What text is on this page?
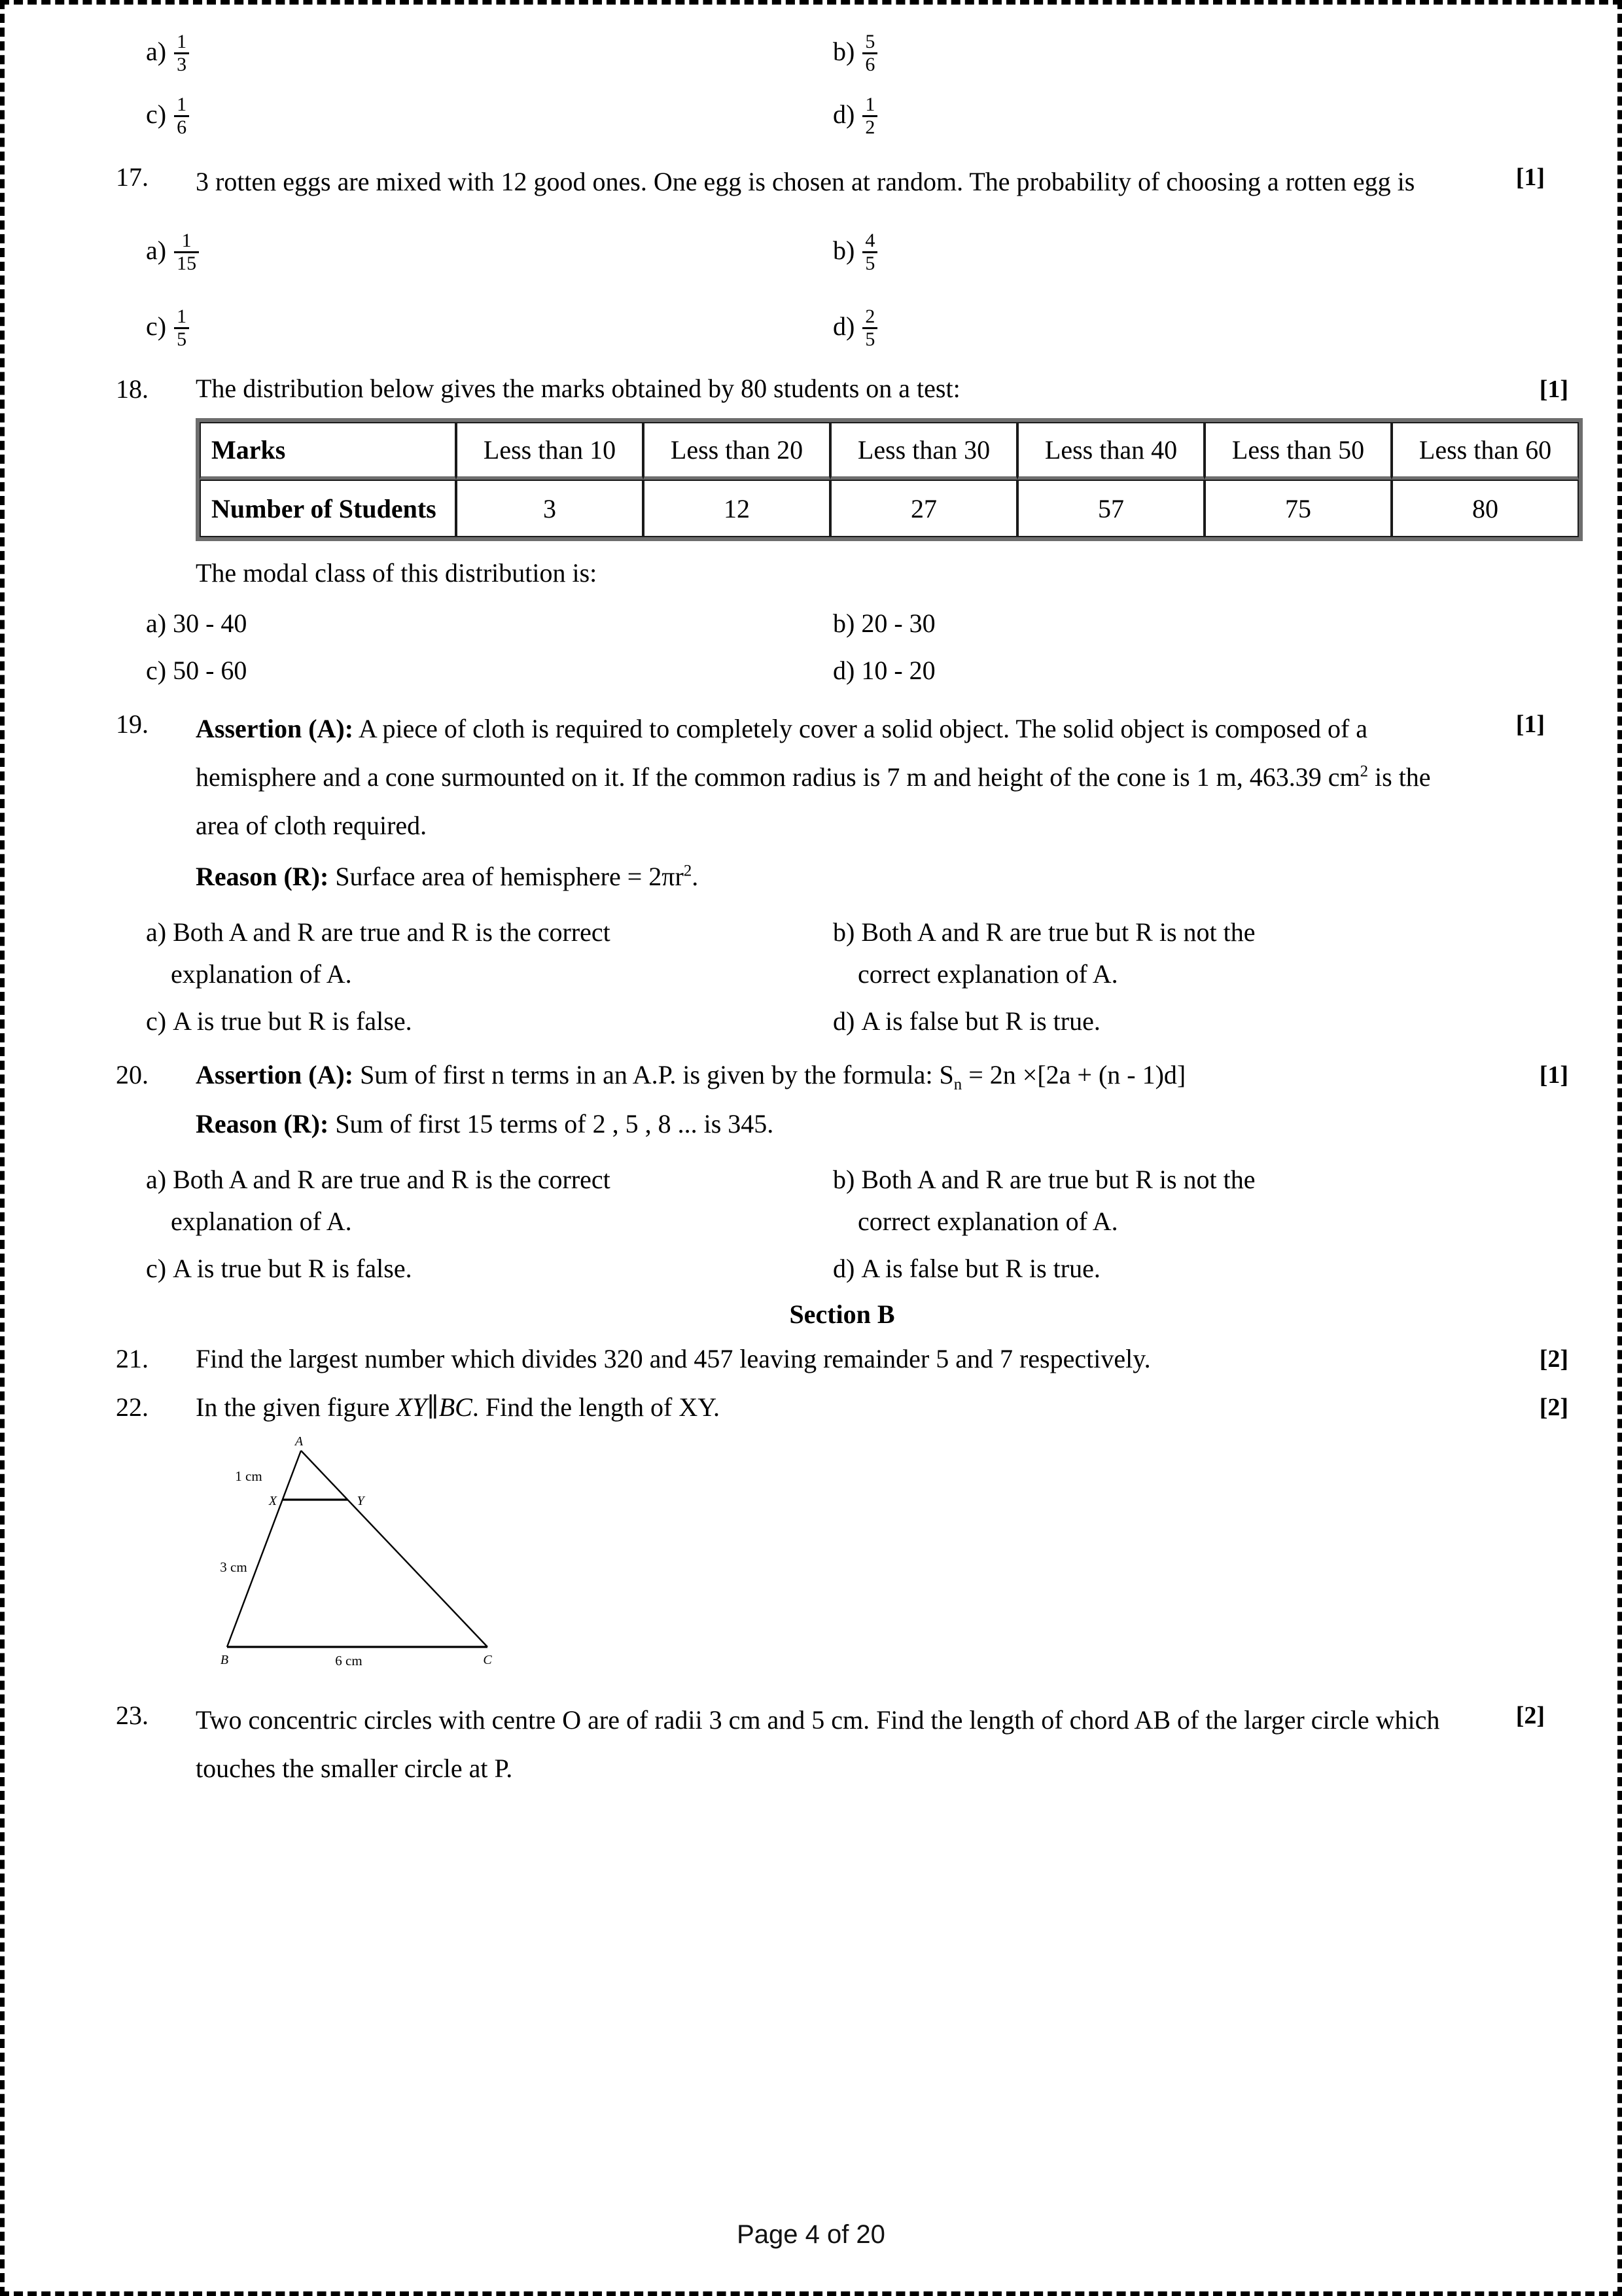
$a) \frac{1}{3}$	$b) \frac{5}{6}$
$c) \frac{1}{6}$	$d) \frac{1}{2}$
17.	3 rotten eggs are mixed with 12 good ones. One egg is chosen at random. The probability of choosing a rotten egg is	[1]
$a) \frac{1}{15}$	$b) \frac{4}{5}$
$c) \frac{1}{5}$	$d) \frac{2}{5}$
18.	The distribution below gives the marks obtained by 80 students on a test:	[1]
Marks	Less than 10	Less than 20	Less than 30	Less than 40	Less than 50	Less than 60
Number of Students	3	12	27	57	75	80
The modal class of this distribution is:
a) 30 - 40	b) 20 - 30
c) 50 - 60	d) 10 - 20
19.	Assertion (A): A piece of cloth is required to completely cover a solid object. The solid object is composed of a hemisphere and a cone surmounted on it. If the common radius is 7 m and height of the cone is 1 m, 463.39 $cm^2$ is the area of cloth required.
[1]
Reason (R): Surface area of hemisphere = $2\pi r^2$.
a) Both A and R are true and R is the correct
explanation of A.
b) Both A and R are true but R is not the
correct explanation of A.
c) A is true but R is false.	d) A is false but R is true.
20.	Assertion (A): Sum of first n terms in an A.P. is given by the formula: $S_n = 2n \times[2a + (n - 1)d]$	[1]
Reason (R): Sum of first 15 terms of 2 , 5 , 8 ... is 345.
a) Both A and R are true and R is the correct
explanation of A.
b) Both A and R are true but R is not the
correct explanation of A.
c) A is true but R is false.	d) A is false but R is true.
Section B
21.	Find the largest number which divides 320 and 457 leaving remainder 5 and 7 respectively.	[2]
22.	In the given figure XY∥BC. Find the length of XY.	[2]
A
B	C
X	Y
1 cm
3 cm
6 cm
23.	Two concentric circles with centre O are of radii 3 cm and 5 cm. Find the length of chord AB of the larger circle which touches the smaller circle at P.
[2]
Page 4 of 20
